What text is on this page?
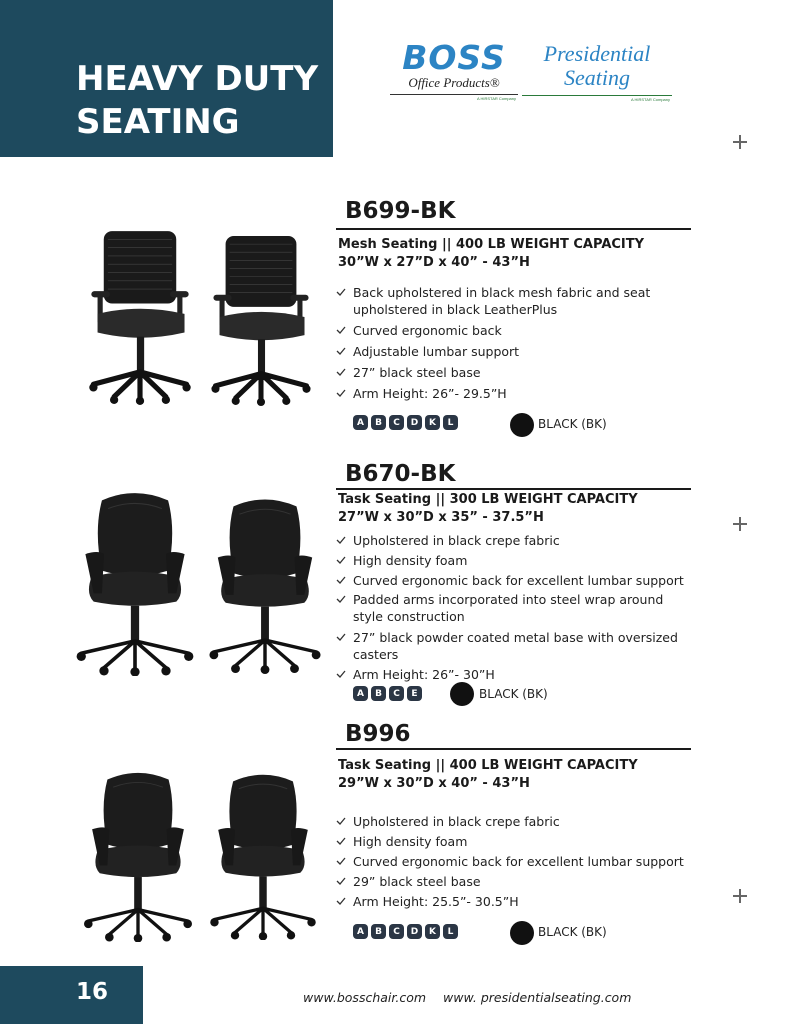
HEAVY DUTY
SEATING
BOSS
Office Products®
A HIRSTAR Company
Presidential
Seating
A HIRSTAR Company
B699-BK
Mesh Seating || 400 LB WEIGHT CAPACITY
30”W x 27”D x 40” - 43”H
Back upholstered in black mesh fabric and seat upholstered in black LeatherPlus
Curved ergonomic back
Adjustable lumbar support
27” black steel base
Arm Height: 26”- 29.5”H
A	B	C	D	K	L	BLACK (BK)
B670-BK
Task Seating || 300 LB WEIGHT CAPACITY
27”W x 30”D x 35” - 37.5”H
Upholstered in black crepe fabric
High density foam
Curved ergonomic back for excellent lumbar support
Padded arms incorporated into steel wrap around style construction
27” black powder coated metal base with oversized casters
Arm Height: 26”- 30”H
A	B	C	E	BLACK (BK)
B996
Task Seating || 400 LB WEIGHT CAPACITY
29”W x 30”D x 40” - 43”H
Upholstered in black crepe fabric
High density foam
Curved ergonomic back for excellent lumbar support
29” black steel base
Arm Height: 25.5”- 30.5”H
A	B	C	D	K	L	BLACK (BK)
16	www.bosschair.com www. presidentialseating.com
